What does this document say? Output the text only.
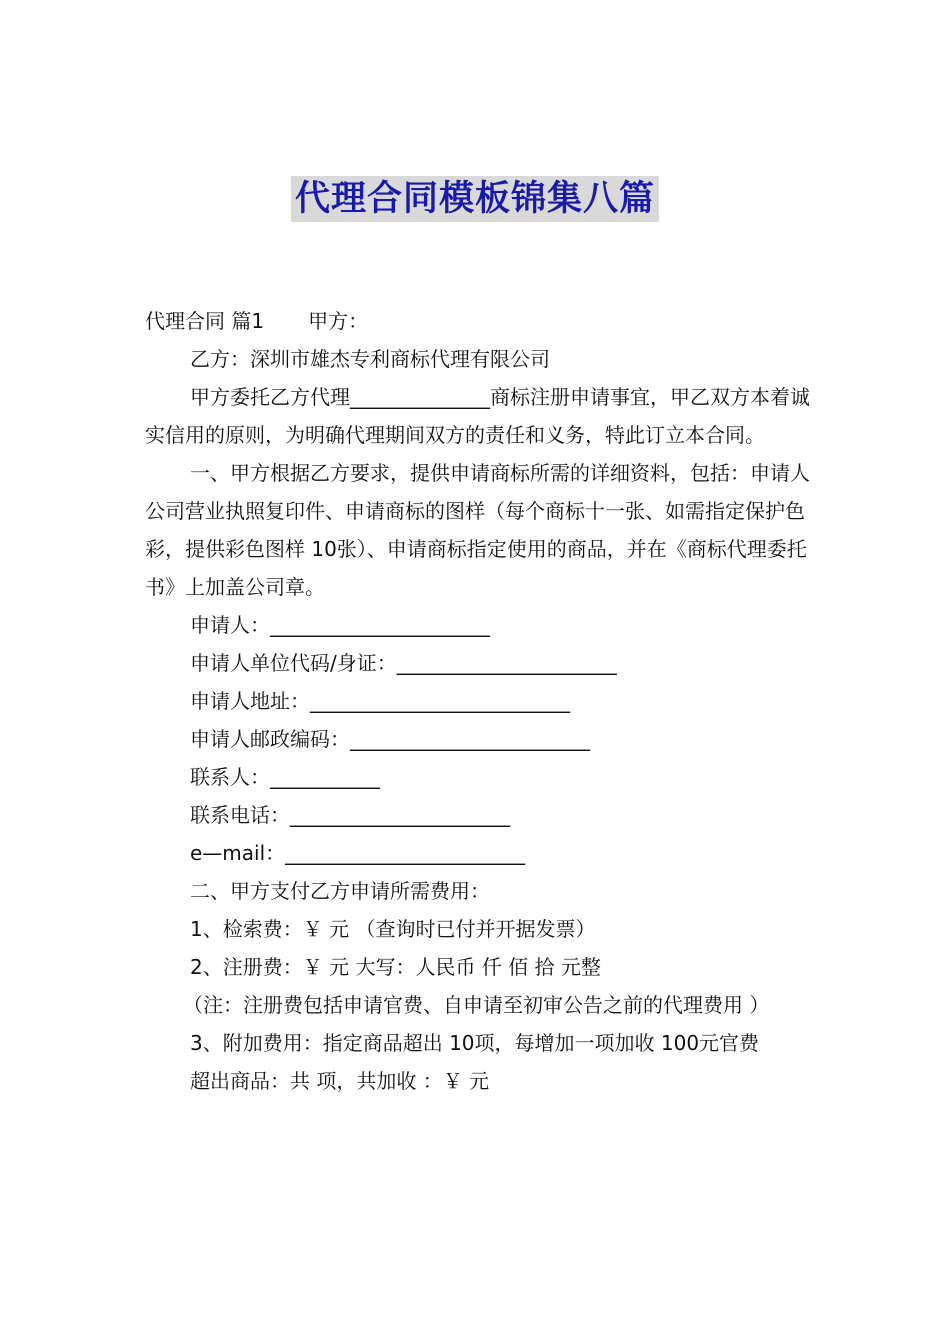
代理合同模板锦集八篇

代理合同 篇1 甲方：

乙方：深圳市雄杰专利商标代理有限公司

甲方委托乙方代理______________商标注册申请事宜，甲乙双方本着诚实信用的原则，为明确代理期间双方的责任和义务，特此订立本合同。

一、甲方根据乙方要求，提供申请商标所需的详细资料，包括：申请人公司营业执照复印件、申请商标的图样（每个商标十一张、如需指定保护色彩，提供彩色图样 10张）、申请商标指定使用的商品，并在《商标代理委托书》上加盖公司章。

申请人：______________________

申请人单位代码/身证：______________________

申请人地址：__________________________

申请人邮政编码：________________________

联系人：___________

联系电话：______________________

e—mail：________________________

二、甲方支付乙方申请所需费用：

1、检索费：￥ 元 （查询时已付并开据发票）

2、注册费：￥ 元 大写：人民币 仟 佰 拾 元整

（注：注册费包括申请官费、自申请至初审公告之前的代理费用 ）

3、附加费用：指定商品超出 10项，每增加一项加收 100元官费

超出商品：共 项，共加收 ：￥ 元
